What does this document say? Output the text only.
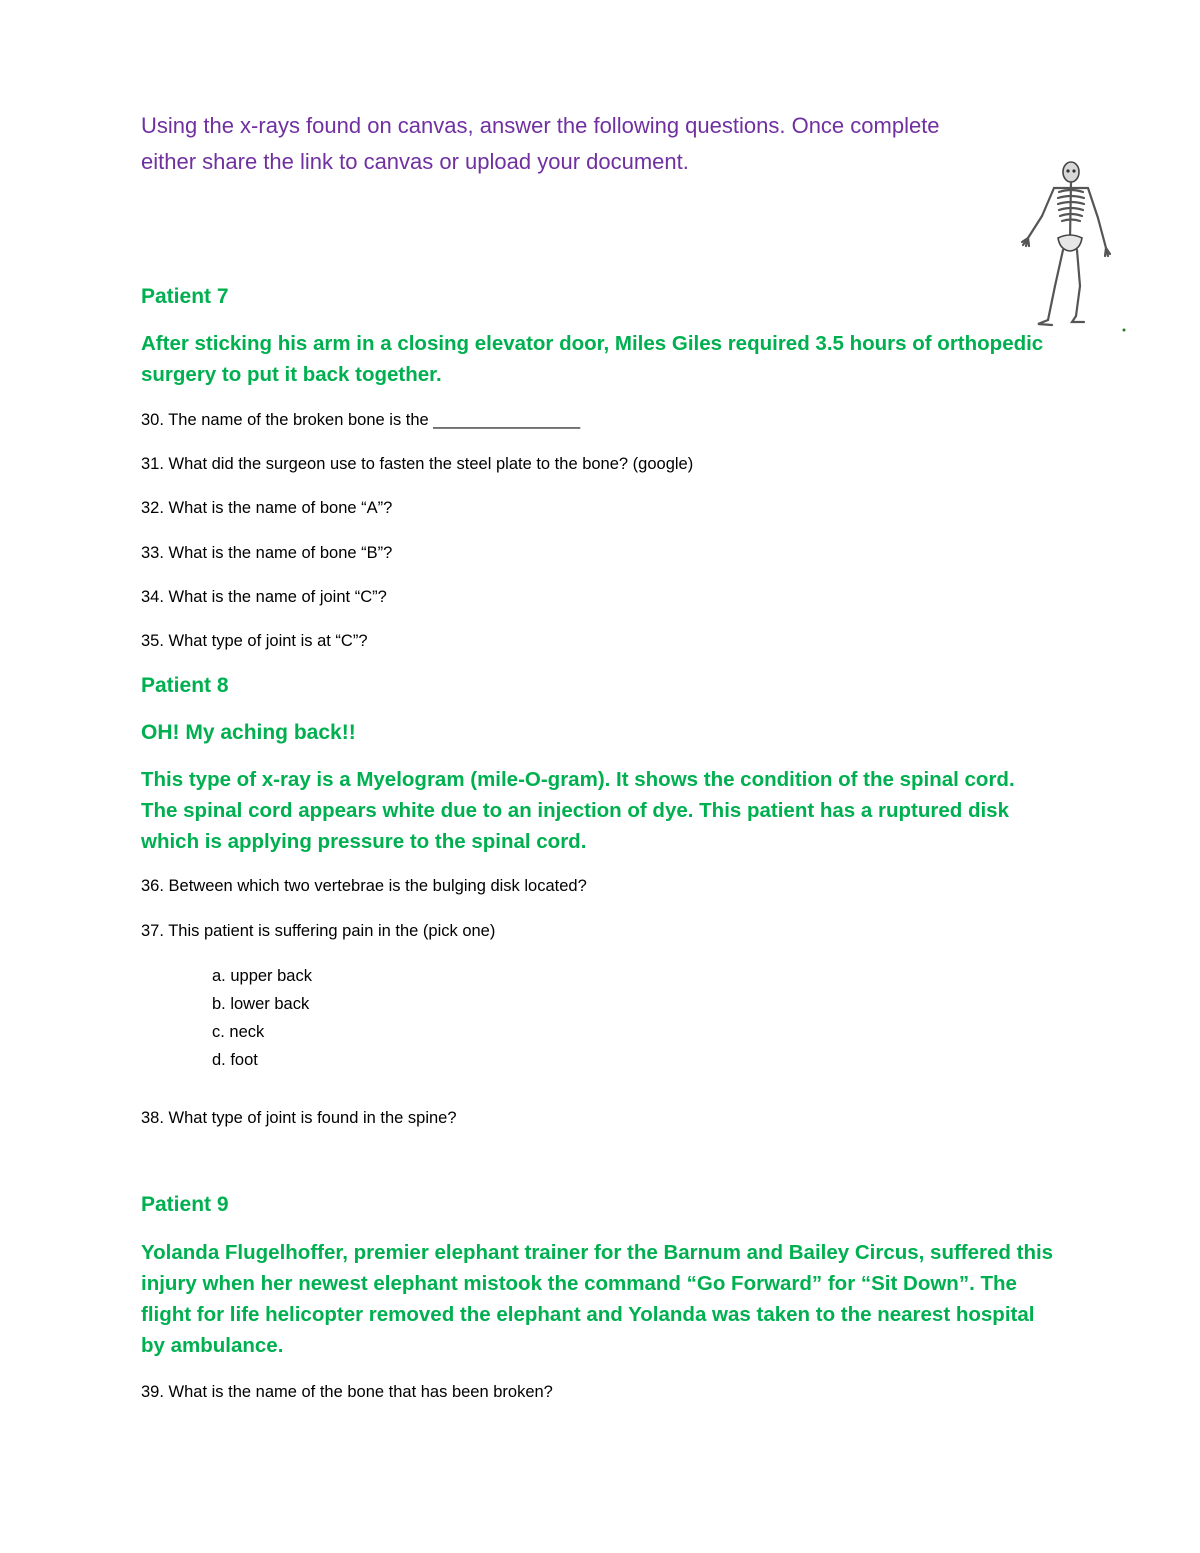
Using the x-rays found on canvas, answer the following questions. Once complete
either share the link to canvas or upload your document.
Patient 7
After sticking his arm in a closing elevator door, Miles Giles required 3.5 hours of orthopedic
surgery to put it back together.
30. The name of the broken bone is the ________________
31. What did the surgeon use to fasten the steel plate to the bone? (google)
32. What is the name of bone “A”?
33. What is the name of bone “B”?
34. What is the name of joint “C”?
35. What type of joint is at “C”?
Patient 8
OH! My aching back!!
This type of x-ray is a Myelogram (mile-O-gram). It shows the condition of the spinal cord.
The spinal cord appears white due to an injection of dye. This patient has a ruptured disk
which is applying pressure to the spinal cord.
36. Between which two vertebrae is the bulging disk located?
37. This patient is suffering pain in the (pick one)
a. upper back
b. lower back
c. neck
d. foot
38. What type of joint is found in the spine?
Patient 9
Yolanda Flugelhoffer, premier elephant trainer for the Barnum and Bailey Circus, suffered this
injury when her newest elephant mistook the command “Go Forward” for “Sit Down”. The
flight for life helicopter removed the elephant and Yolanda was taken to the nearest hospital
by ambulance.
39. What is the name of the bone that has been broken?
